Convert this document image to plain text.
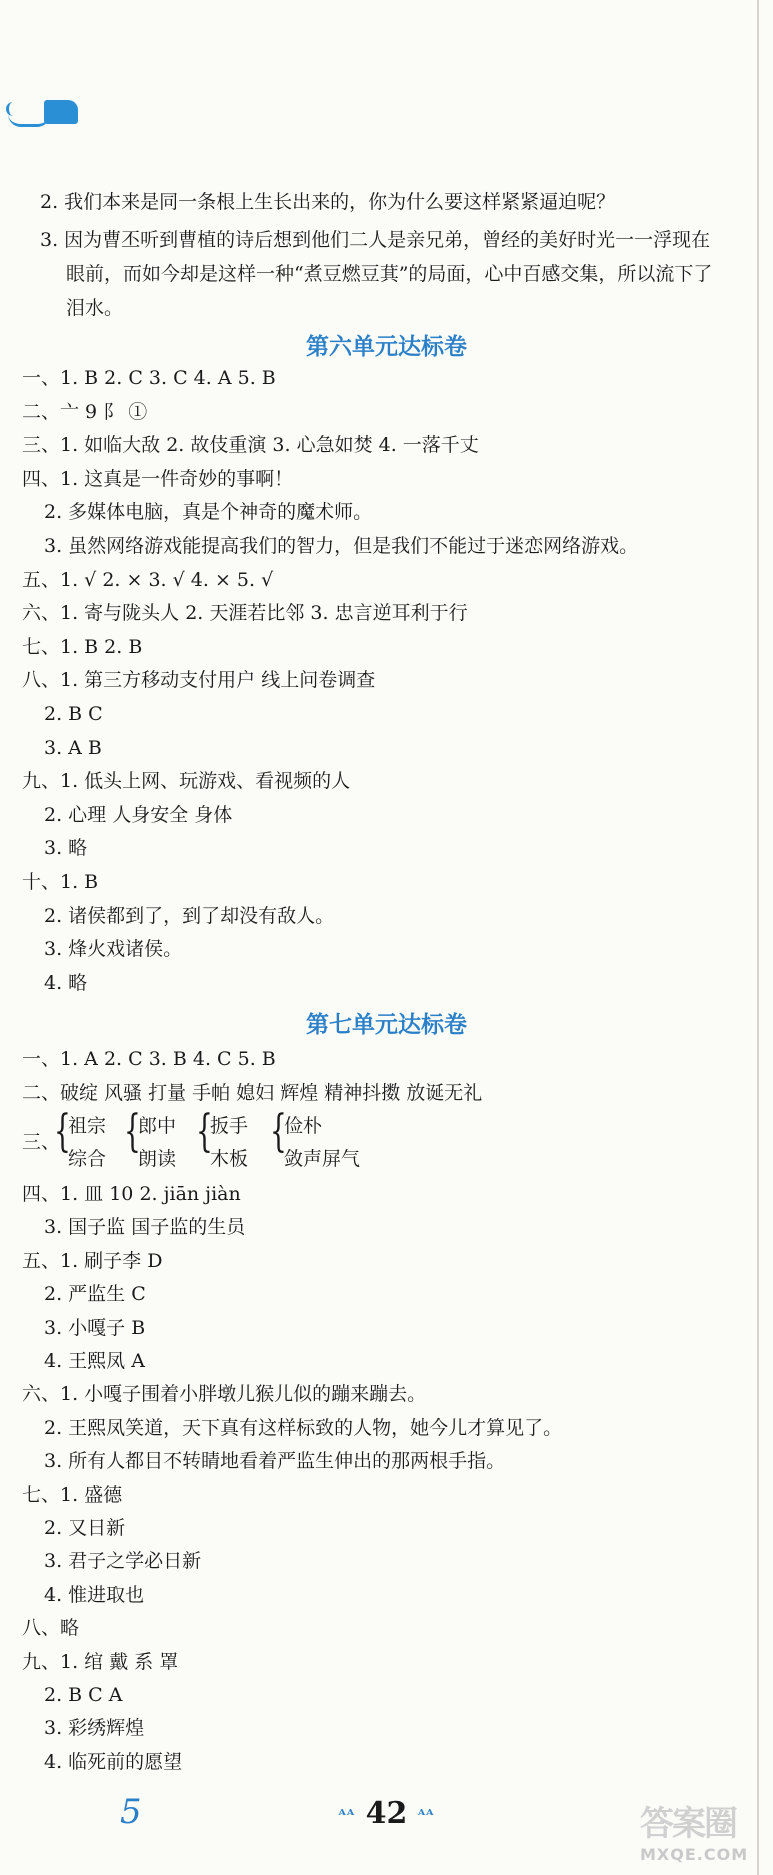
2. 我们本来是同一条根上生长出来的，你为什么要这样紧紧逼迫呢？
3. 因为曹丕听到曹植的诗后想到他们二人是亲兄弟，曾经的美好时光一一浮现在
眼前，而如今却是这样一种“煮豆燃豆萁”的局面，心中百感交集，所以流下了
泪水。
第六单元达标卷
一、1. B 2. C 3. C 4. A 5. B
二、亠 9 ⻖ ①
三、1. 如临大敌 2. 故伎重演 3. 心急如焚 4. 一落千丈
四、1. 这真是一件奇妙的事啊！
2. 多媒体电脑，真是个神奇的魔术师。
3. 虽然网络游戏能提高我们的智力，但是我们不能过于迷恋网络游戏。
五、1. √ 2. × 3. √ 4. × 5. √
六、1. 寄与陇头人 2. 天涯若比邻 3. 忠言逆耳利于行
七、1. B 2. B
八、1. 第三方移动支付用户 线上问卷调查
2. B C
3. A B
九、1. 低头上网、玩游戏、看视频的人
2. 心理 人身安全 身体
3. 略
十、1. B
2. 诸侯都到了，到了却没有敌人。
3. 烽火戏诸侯。
4. 略
第七单元达标卷
一、1. A 2. C 3. B 4. C 5. B
二、破绽 风骚 打量 手帕 媳妇 辉煌 精神抖擞 放诞无礼
三、
{
祖宗
综合
{
郎中
朗读
{
扳手
木板
{
俭朴
敛声屏气
四、1. 皿 10 2. jiān jiàn
3. 国子监 国子监的生员
五、1. 刷子李 D
2. 严监生 C
3. 小嘎子 B
4. 王熙凤 A
六、1. 小嘎子围着小胖墩儿猴儿似的蹦来蹦去。
2. 王熙凤笑道，天下真有这样标致的人物，她今儿才算见了。
3. 所有人都目不转睛地看着严监生伸出的那两根手指。
七、1. 盛德
2. 又日新
3. 君子之学必日新
4. 惟进取也
八、略
九、1. 绾 戴 系 罩
2. B C A
3. 彩绣辉煌
4. 临死前的愿望
5	ᴬᴬ 42 ᴬᴬ	答案圈
MXQE.COM
